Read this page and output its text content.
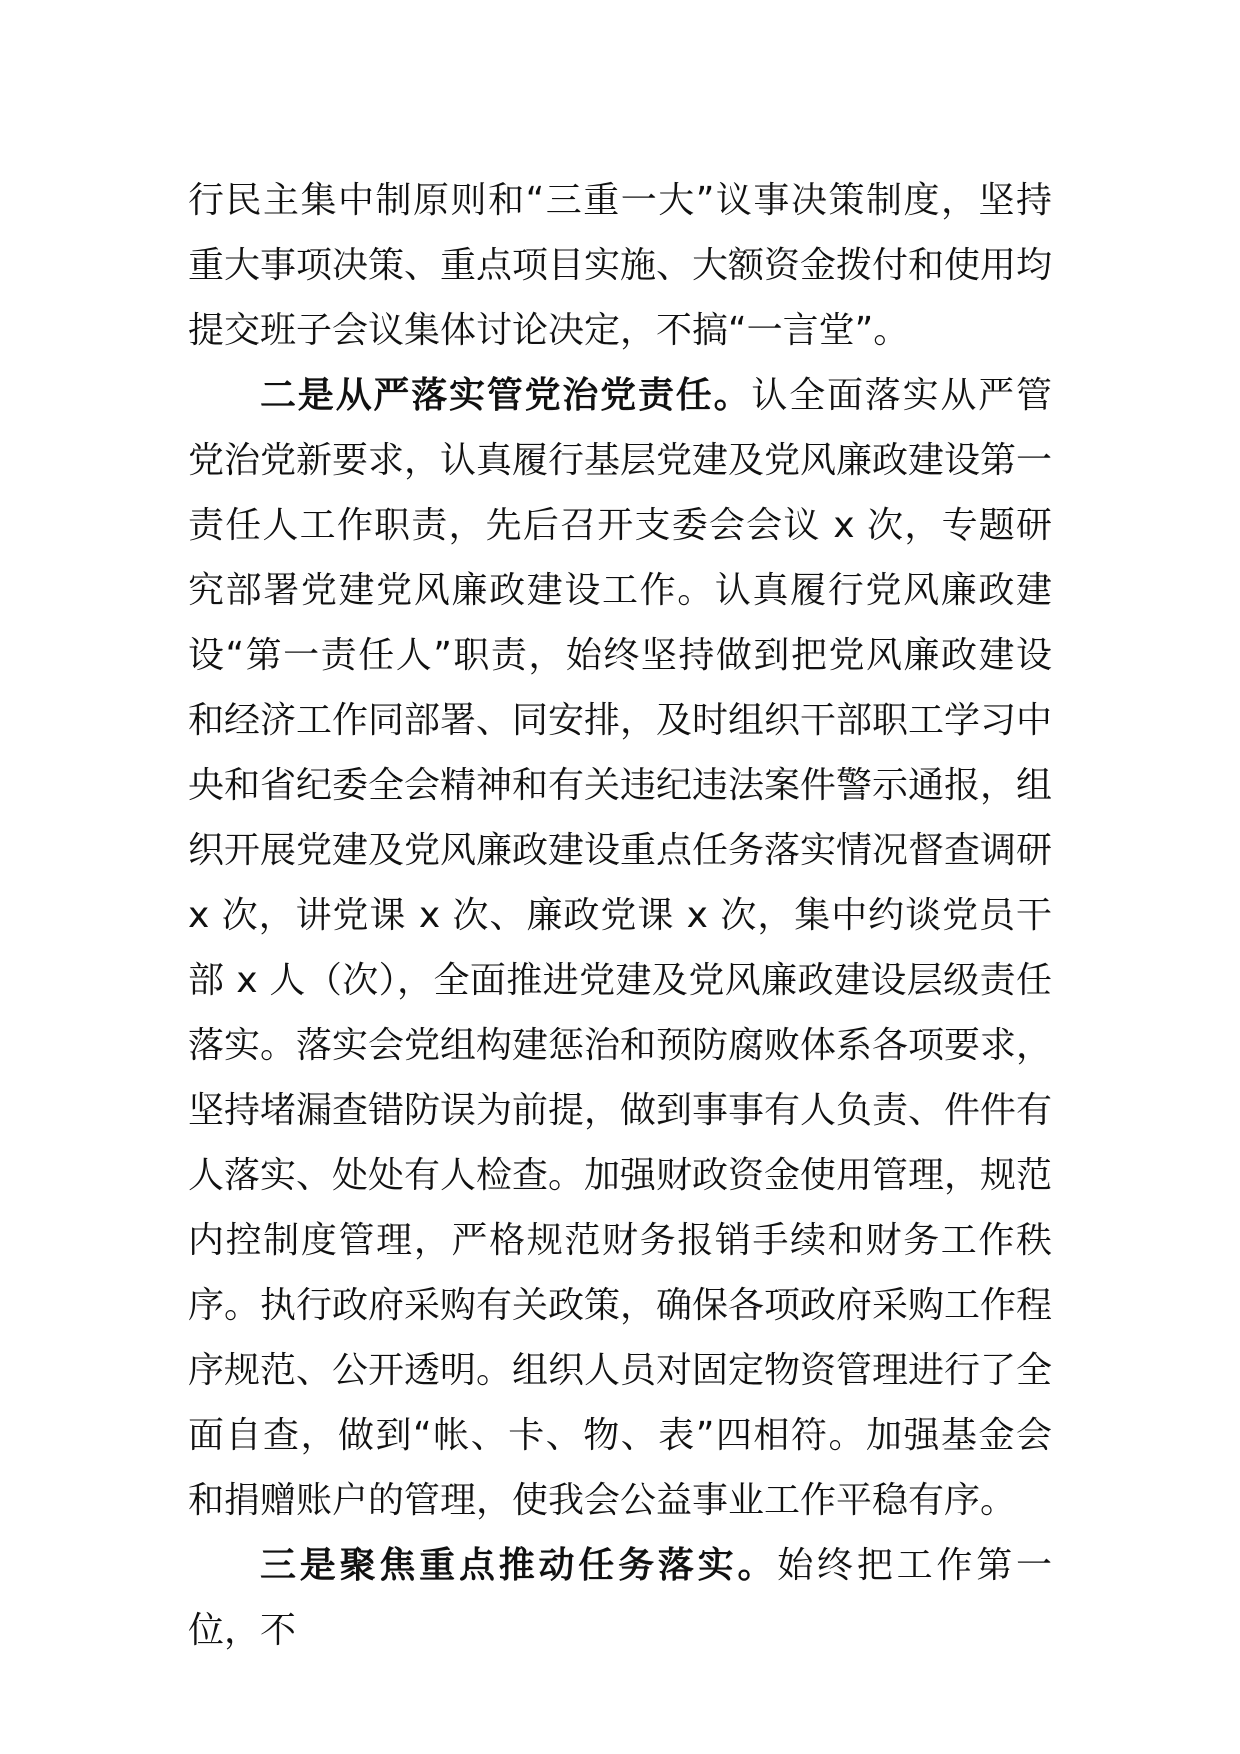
行民主集中制原则和“三重一大”议事决策制度，坚持重大事项决策、重点项目实施、大额资金拨付和使用均提交班子会议集体讨论决定，不搞“一言堂”。

二是从严落实管党治党责任。认全面落实从严管党治党新要求，认真履行基层党建及党风廉政建设第一责任人工作职责，先后召开支委会会议 x 次，专题研究部署党建党风廉政建设工作。认真履行党风廉政建设“第一责任人”职责，始终坚持做到把党风廉政建设和经济工作同部署、同安排，及时组织干部职工学习中央和省纪委全会精神和有关违纪违法案件警示通报，组织开展党建及党风廉政建设重点任务落实情况督查调研 x 次，讲党课 x 次、廉政党课 x 次，集中约谈党员干部 x 人（次），全面推进党建及党风廉政建设层级责任落实。落实会党组构建惩治和预防腐败体系各项要求，坚持堵漏查错防误为前提，做到事事有人负责、件件有人落实、处处有人检查。加强财政资金使用管理，规范内控制度管理，严格规范财务报销手续和财务工作秩序。执行政府采购有关政策，确保各项政府采购工作程序规范、公开透明。组织人员对固定物资管理进行了全面自查，做到“帐、卡、物、表”四相符。加强基金会和捐赠账户的管理，使我会公益事业工作平稳有序。

三是聚焦重点推动任务落实。始终把工作第一位，不
